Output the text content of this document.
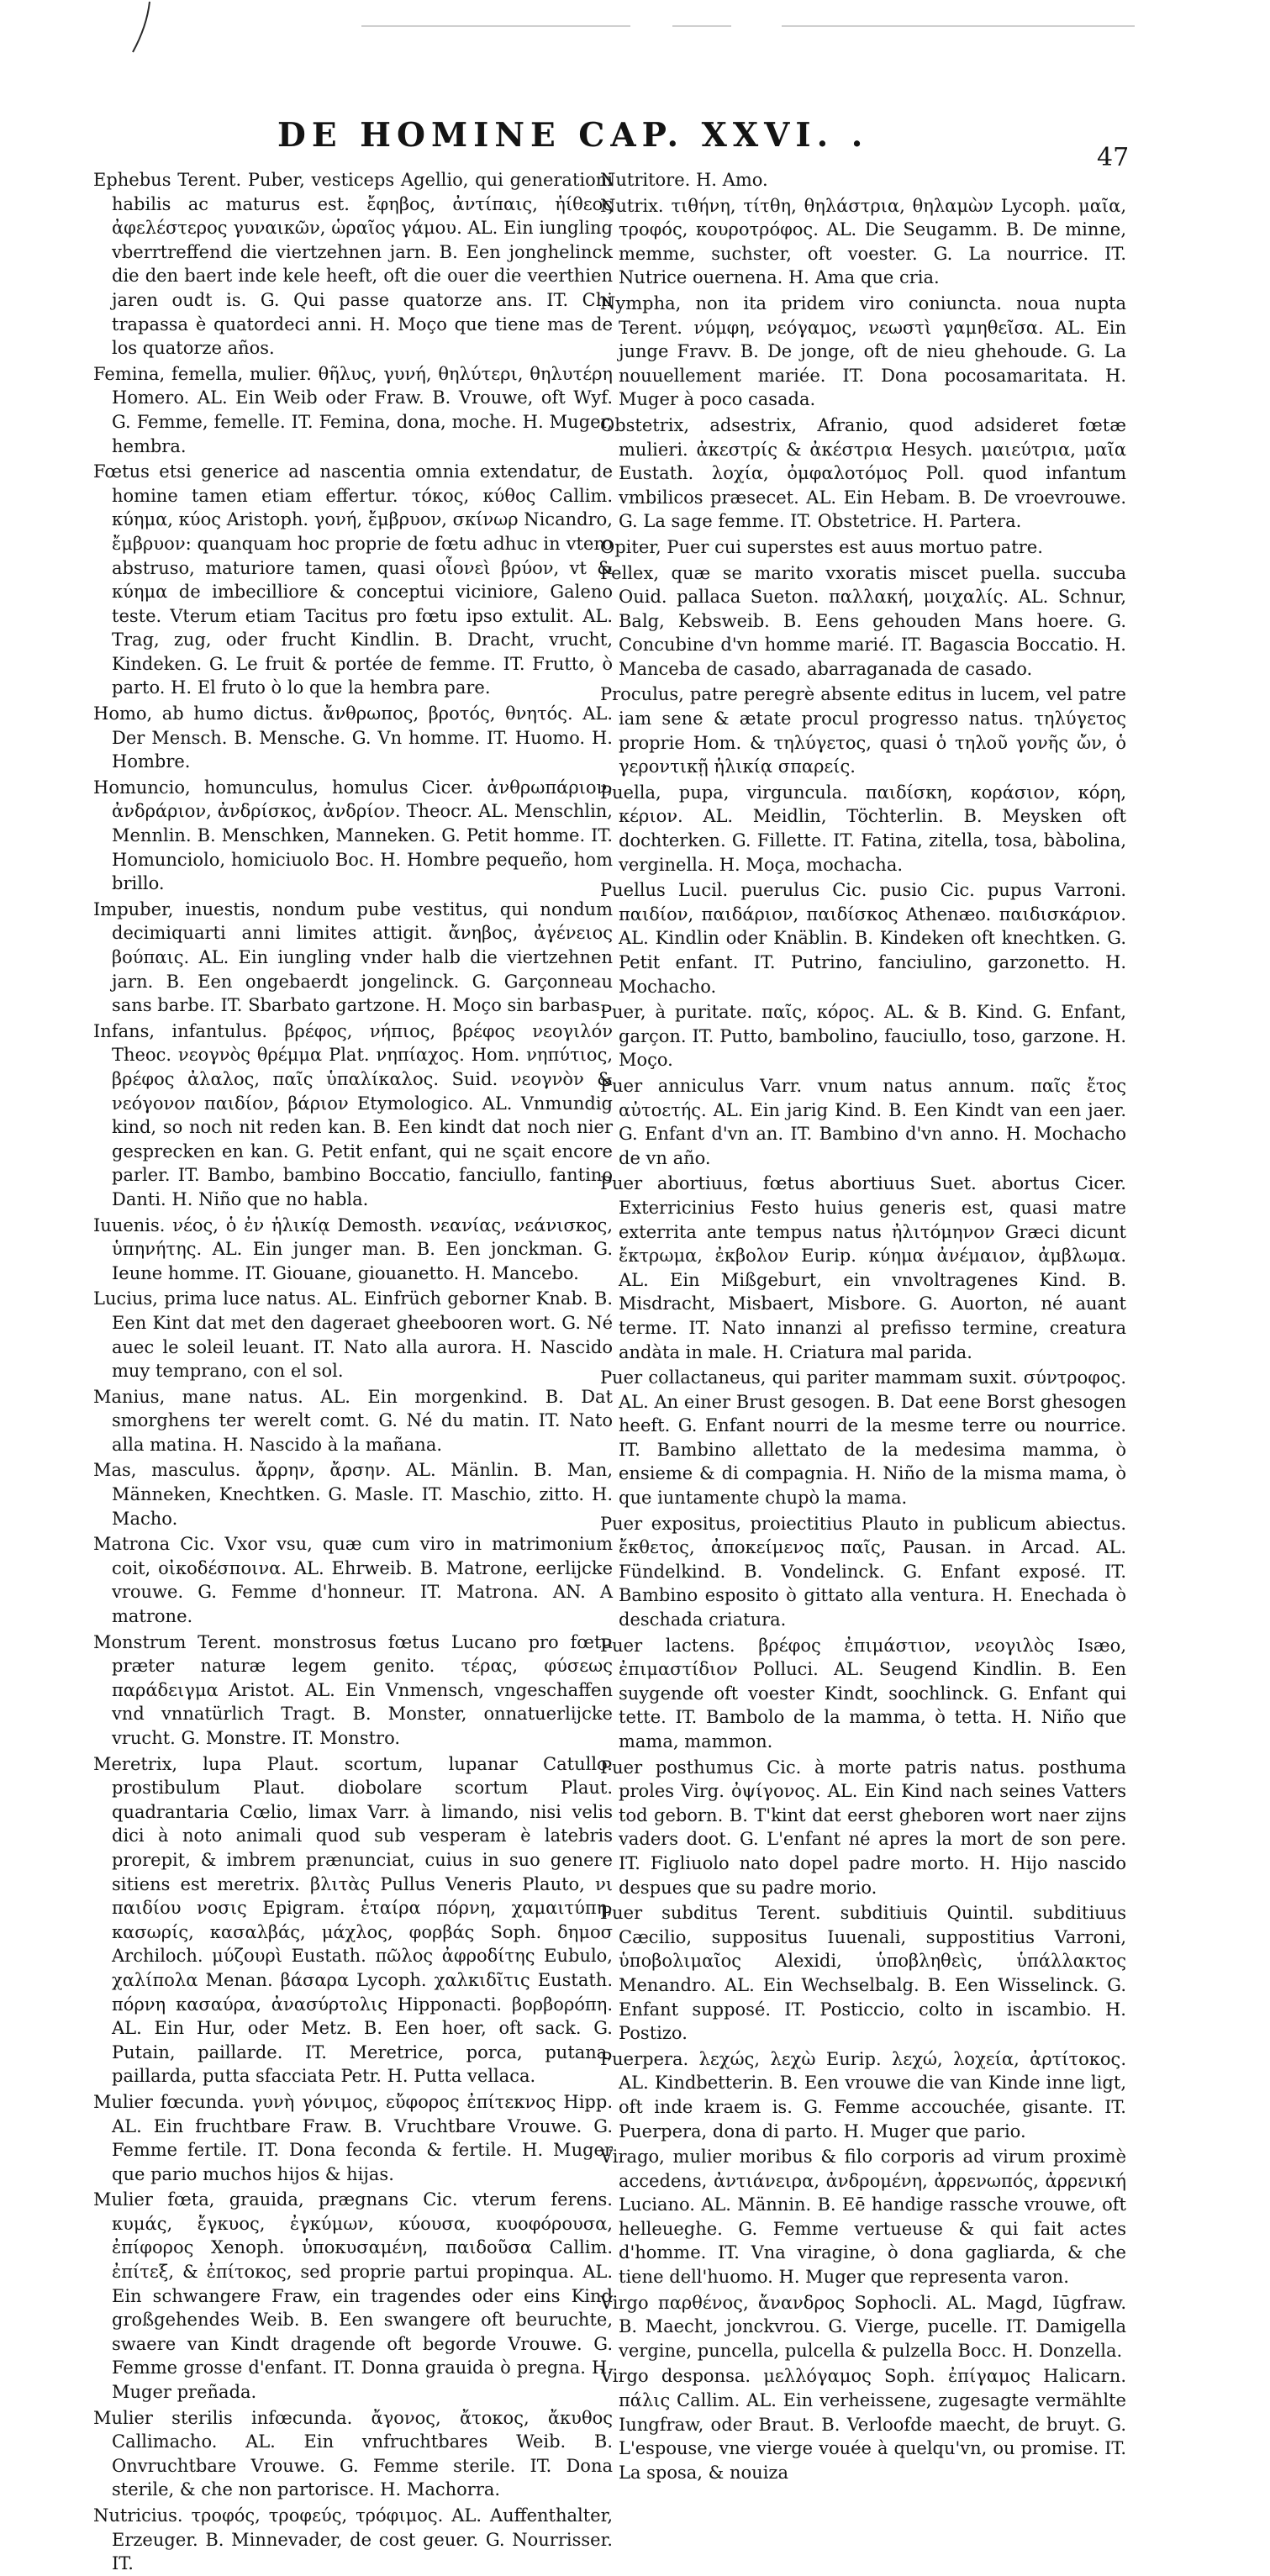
DE HOMINE CAP. XXVI. .
47

Ephebus Terent. Puber, vesticeps Agellio, qui generationi habilis ac maturus est. ἔφηβος, ἀντίπαις, ἠίθεος ἀφελέστερος γυναικῶν, ὡραῖος γάμου. AL. Ein iungling vberrtreffend die viertzehnen jarn. B. Een jonghelinck die den baert inde kele heeft, oft die ouer die veerthien jaren oudt is. G. Qui passe quatorze ans. IT. Chi trapassa è quatordeci anni. H. Moço que tiene mas de los quatorze años.

Femina, femella, mulier. θῆλυς, γυνή, θηλύτερι, θηλυτέρη Homero. AL. Ein Weib oder Fraw. B. Vrouwe, oft Wyf. G. Femme, femelle. IT. Femina, dona, moche. H. Muger, hembra.

Fœtus etsi generice ad nascentia omnia extendatur, de homine tamen etiam effertur. τόκος, κύθος Callim. κύημα, κύος Aristoph. γονή, ἔμβρυον, σκίνωρ Nicandro, ἔμβρυον: quanquam hoc proprie de fœtu adhuc in vtero abstruso, maturiore tamen, quasi οἷονεὶ βρύον, vt & κύημα de imbecilliore & conceptui viciniore, Galeno teste. Vterum etiam Tacitus pro fœtu ipso extulit. AL. Trag, zug, oder frucht Kindlin. B. Dracht, vrucht, Kindeken. G. Le fruit & portée de femme. IT. Frutto, ò parto. H. El fruto ò lo que la hembra pare.

Homo, ab humo dictus. ἄνθρωπος, βροτός, θνητός. AL. Der Mensch. B. Mensche. G. Vn homme. IT. Huomo. H. Hombre.

Homuncio, homunculus, homulus Cicer. ἀνθρωπάριον, ἀνδράριον, ἀνδρίσκος, ἀνδρίον. Theocr. AL. Menschlin, Mennlin. B. Menschken, Manneken. G. Petit homme. IT. Homunciolo, homiciuolo Boc. H. Hombre pequeño, hom brillo.

Impuber, inuestis, nondum pube vestitus, qui nondum decimiquarti anni limites attigit. ἄνηβος, ἀγένειος βούπαις. AL. Ein iungling vnder halb die viertzehnen jarn. B. Een ongebaerdt jongelinck. G. Garçonneau sans barbe. IT. Sbarbato gartzone. H. Moço sin barbas.

Infans, infantulus. βρέφος, νήπιος, βρέφος νεογιλόν Theoc. νεογνὸς θρέμμα Plat. νηπίαχος. Hom. νηπύτιος, βρέφος ἀλαλος, παῖς ὑπαλίκαλος. Suid. νεογνὸν & νεόγονον παιδίον, βάριον Etymologico. AL. Vnmundig kind, so noch nit reden kan. B. Een kindt dat noch nier gesprecken en kan. G. Petit enfant, qui ne sçait encore parler. IT. Bambo, bambino Boccatio, fanciullo, fantino Danti. H. Niño que no habla.

Iuuenis. νέος, ὁ ἐν ἡλικίᾳ Demosth. νεανίας, νεάνισκος, ὑπηνήτης. AL. Ein junger man. B. Een jonckman. G. Ieune homme. IT. Giouane, giouanetto. H. Mancebo.

Lucius, prima luce natus. AL. Einfrüch geborner Knab. B. Een Kint dat met den dageraet gheebooren wort. G. Né auec le soleil leuant. IT. Nato alla aurora. H. Nascido muy temprano, con el sol.

Manius, mane natus. AL. Ein morgenkind. B. Dat smorghens ter werelt comt. G. Né du matin. IT. Nato alla matina. H. Nascido à la mañana.

Mas, masculus. ἄρρην, ἄρσην. AL. Mänlin. B. Man, Männeken, Knechtken. G. Masle. IT. Maschio, zitto. H. Macho.

Matrona Cic. Vxor vsu, quæ cum viro in matrimonium coit, οἰκοδέσποινα. AL. Ehrweib. B. Matrone, eerlijcke vrouwe. G. Femme d'honneur. IT. Matrona. AN. A matrone.

Monstrum Terent. monstrosus fœtus Lucano pro fœtu præter naturæ legem genito. τέρας, φύσεως παράδειγμα Aristot. AL. Ein Vnmensch, vngeschaffen vnd vnnatürlich Tragt. B. Monster, onnatuerlijcke vrucht. G. Monstre. IT. Monstro.

Meretrix, lupa Plaut. scortum, lupanar Catullo. prostibulum Plaut. diobolare scortum Plaut. quadrantaria Cœlio, limax Varr. à limando, nisi velis dici à noto animali quod sub vesperam è latebris prorepit, & imbrem prænunciat, cuius in suo genere sitiens est meretrix. βλιτὰς Pullus Veneris Plauto, νι παιδίου νοσις Epigram. ἑταίρα πόρνη, χαμαιτύπη, κασωρίς, κασαλβάς, μάχλος, φορβάς Soph. δημοσ Archiloch. μύζουρὶ Eustath. πῶλος ἀφροδίτης Eubulo, χαλίπολα Menan. βάσαρα Lycoph. χαλκιδῖτις Eustath. πόρνη κασαύρα, ἀνασύρτολις Hipponacti. βορβορόπη. AL. Ein Hur, oder Metz. B. Een hoer, oft sack. G. Putain, paillarde. IT. Meretrice, porca, putana, paillarda, putta sfacciata Petr. H. Putta vellaca.

Mulier fœcunda. γυνὴ γόνιμος, εὔφορος ἐπίτεκνος Hipp. AL. Ein fruchtbare Fraw. B. Vruchtbare Vrouwe. G. Femme fertile. IT. Dona feconda & fertile. H. Muger que pario muchos hijos & hijas.

Mulier fœta, grauida, prægnans Cic. vterum ferens. κυμάς, ἔγκυος, ἐγκύμων, κύουσα, κυοφόρουσα, ἐπίφορος Xenoph. ὑποκυσαμένη, παιδοῦσα Callim. ἐπίτεξ, & ἐπίτοκος, sed proprie partui propinqua. AL. Ein schwangere Fraw, ein tragendes oder eins Kind großgehendes Weib. B. Een swangere oft beuruchte, swaere van Kindt dragende oft begorde Vrouwe. G. Femme grosse d'enfant. IT. Donna grauida ò pregna. H. Muger preñada.

Mulier sterilis infœcunda. ἄγονος, ἄτοκος, ἄκυθος Callimacho. AL. Ein vnfruchtbares Weib. B. Onvruchtbare Vrouwe. G. Femme sterile. IT. Dona sterile, & che non partorisce. H. Machorra.

Nutricius. τροφός, τροφεύς, τρόφιμος. AL. Auffenthalter, Erzeuger. B. Minnevader, de cost geuer. G. Nourrisser. IT.

Nutritore. H. Amo.

Nutrix. τιθήνη, τίτθη, θηλάστρια, θηλαμὼν Lycoph. μαῖα, τροφός, κουροτρόφος. AL. Die Seugamm. B. De minne, memme, suchster, oft voester. G. La nourrice. IT. Nutrice ouernena. H. Ama que cria.

Nympha, non ita pridem viro coniuncta. noua nupta Terent. νύμφη, νεόγαμος, νεωστὶ γαμηθεῖσα. AL. Ein junge Fravv. B. De jonge, oft de nieu ghehoude. G. La nouuellement mariée. IT. Dona pocosamaritata. H. Muger à poco casada.

Obstetrix, adsestrix, Afranio, quod adsideret fœtæ mulieri. ἀκεστρίς & ἀκέστρια Hesych. μαιεύτρια, μαῖα Eustath. λοχία, ὀμφαλοτόμος Poll. quod infantum vmbilicos præsecet. AL. Ein Hebam. B. De vroevrouwe. G. La sage femme. IT. Obstetrice. H. Partera.

Opiter, Puer cui superstes est auus mortuo patre.

Pellex, quæ se marito vxoratis miscet puella. succuba Ouid. pallaca Sueton. παλλακή, μοιχαλίς. AL. Schnur, Balg, Kebsweib. B. Eens gehouden Mans hoere. G. Concubine d'vn homme marié. IT. Bagascia Boccatio. H. Manceba de casado, abarraganada de casado.

Proculus, patre peregrè absente editus in lucem, vel patre iam sene & ætate procul progresso natus. τηλύγετος proprie Hom. & τηλύγετος, quasi ὁ τηλοῦ γονῆς ὤν, ὁ γεροντικῇ ἡλικίᾳ σπαρείς.

Puella, pupa, virguncula. παιδίσκη, κοράσιον, κόρη, κέριον. AL. Meidlin, Töchterlin. B. Meysken oft dochterken. G. Fillette. IT. Fatina, zitella, tosa, bàbolina, verginella. H. Moça, mochacha.

Puellus Lucil. puerulus Cic. pusio Cic. pupus Varroni. παιδίον, παιδάριον, παιδίσκος Athenæo. παιδισκάριον. AL. Kindlin oder Knäblin. B. Kindeken oft knechtken. G. Petit enfant. IT. Putrino, fanciulino, garzonetto. H. Mochacho.

Puer, à puritate. παῖς, κόρος. AL. & B. Kind. G. Enfant, garçon. IT. Putto, bambolino, fauciullo, toso, garzone. H. Moço.

Puer anniculus Varr. vnum natus annum. παῖς ἔτος αὐτοετής. AL. Ein jarig Kind. B. Een Kindt van een jaer. G. Enfant d'vn an. IT. Bambino d'vn anno. H. Mochacho de vn año.

Puer abortiuus, fœtus abortiuus Suet. abortus Cicer. Exterricinius Festo huius generis est, quasi matre exterrita ante tempus natus ἠλιτόμηνον Græci dicunt ἔκτρωμα, ἐκβολον Eurip. κύημα ἀνέμαιον, ἀμβλωμα. AL. Ein Mißgeburt, ein vnvoltragenes Kind. B. Misdracht, Misbaert, Misbore. G. Auorton, né auant terme. IT. Nato innanzi al prefisso termine, creatura andàta in male. H. Criatura mal parida.

Puer collactaneus, qui pariter mammam suxit. σύντροφος. AL. An einer Brust gesogen. B. Dat eene Borst ghesogen heeft. G. Enfant nourri de la mesme terre ou nourrice. IT. Bambino allettato de la medesima mamma, ò ensieme & di compagnia. H. Niño de la misma mama, ò que iuntamente chupò la mama.

Puer expositus, proiectitius Plauto in publicum abiectus. ἔκθετος, ἀποκείμενος παῖς, Pausan. in Arcad. AL. Fündelkind. B. Vondelinck. G. Enfant exposé. IT. Bambino esposito ò gittato alla ventura. H. Enechada ò deschada criatura.

Puer lactens. βρέφος ἐπιμάστιον, νεογιλὸς Isæo, ἐπιμαστίδιον Polluci. AL. Seugend Kindlin. B. Een suygende oft voester Kindt, soochlinck. G. Enfant qui tette. IT. Bambolo de la mamma, ò tetta. H. Niño que mama, mammon.

Puer posthumus Cic. à morte patris natus. posthuma proles Virg. ὀψίγονος. AL. Ein Kind nach seines Vatters tod geborn. B. T'kint dat eerst gheboren wort naer zijns vaders doot. G. L'enfant né apres la mort de son pere. IT. Figliuolo nato dopel padre morto. H. Hijo nascido despues que su padre morio.

Puer subditus Terent. subditiuis Quintil. subditiuus Cæcilio, suppositus Iuuenali, suppostitius Varroni, ὑποβολιμαῖος Alexidi, ὑποβληθεὶς, ὑπάλλακτος Menandro. AL. Ein Wechselbalg. B. Een Wisselinck. G. Enfant supposé. IT. Posticcio, colto in iscambio. H. Postizo.

Puerpera. λεχώς, λεχὼ Eurip. λεχώ, λοχεία, ἀρτίτοκος. AL. Kindbetterin. B. Een vrouwe die van Kinde inne ligt, oft inde kraem is. G. Femme accouchée, gisante. IT. Puerpera, dona di parto. H. Muger que pario.

Virago, mulier moribus & filo corporis ad virum proximè accedens, ἀντιάνειρα, ἀνδρομένη, ἀρρενωπός, ἀρρενική Luciano. AL. Männin. B. Eē handige rassche vrouwe, oft helleueghe. G. Femme vertueuse & qui fait actes d'homme. IT. Vna viragine, ò dona gagliarda, & che tiene dell'huomo. H. Muger que representa varon.

Virgo παρθένος, ἄνανδρος Sophocli. AL. Magd, Iūgfraw. B. Maecht, jonckvrou. G. Vierge, pucelle. IT. Damigella vergine, puncella, pulcella & pulzella Bocc. H. Donzella.

Virgo desponsa. μελλόγαμος Soph. ἐπίγαμος Halicarn. πάλις Callim. AL. Ein verheissene, zugesagte vermählte Iungfraw, oder Braut. B. Verloofde maecht, de bruyt. G. L'espouse, vne vierge vouée à quelqu'vn, ou promise. IT. La sposa, & nouiza
